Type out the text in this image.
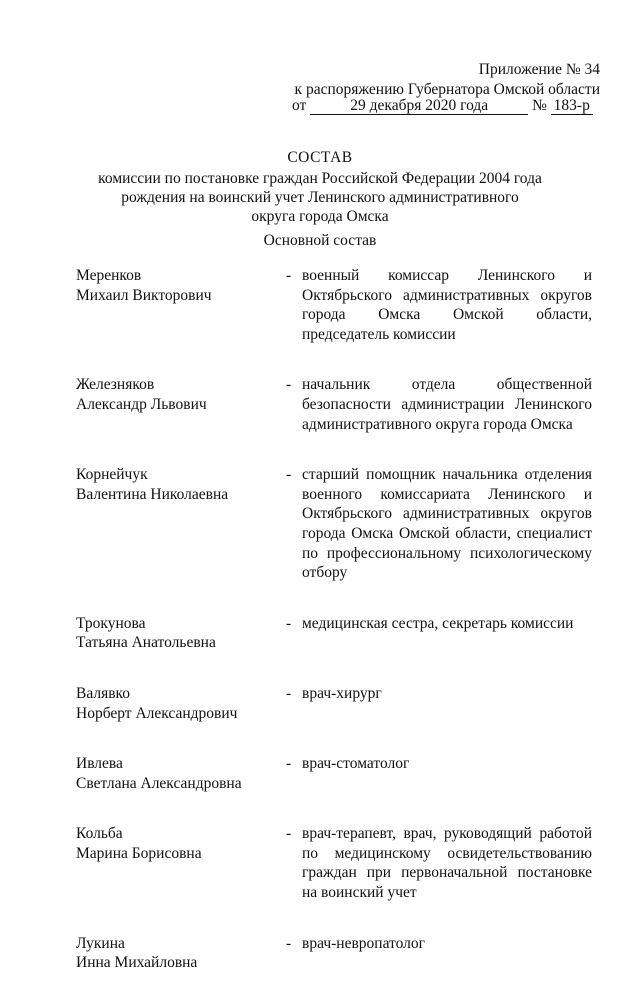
Приложение № 34
к распоряжению Губернатора Омской области
от	29 декабря 2020 года	№ 183-р
СОСТАВ
комиссии по постановке граждан Российской Федерации 2004 года
рождения на воинский учет Ленинского административного
округа города Омска
Основной состав
Меренков
Михаил Викторович
- военный комиссар Ленинского и Октябрьского административных округов города Омска Омской области, председатель комиссии
Железняков
Александр Львович
- начальник отдела общественной безопасности администрации Ленинского административного округа города Омска
Корнейчук
Валентина Николаевна
- старший помощник начальника отделения военного комиссариата Ленинского и Октябрьского административных округов города Омска Омской области, специалист по профессиональному психологическому отбору
Трокунова
Татьяна Анатольевна
- медицинская сестра, секретарь комиссии
Валявко
Норберт Александрович
- врач-хирург
Ивлева
Светлана Александровна
- врач-стоматолог
Кольба
Марина Борисовна
- врач-терапевт, врач, руководящий работой по медицинскому освидетельствованию граждан при первоначальной постановке на воинский учет
Лукина
Инна Михайловна
- врач-невропатолог
